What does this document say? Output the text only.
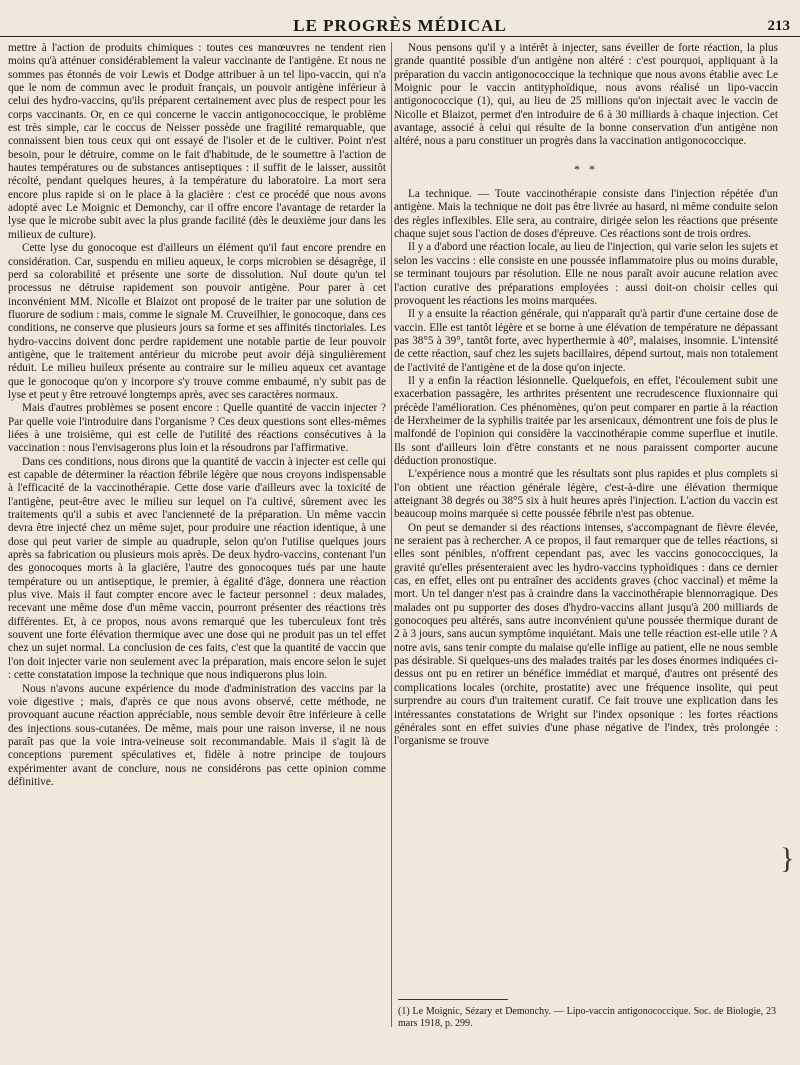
LE PROGRÈS MÉDICAL	213

mettre à l'action de produits chimiques : toutes ces manœuvres ne tendent rien moins qu'à atténuer considérablement la valeur vaccinante de l'antigène. Et nous ne sommes pas étonnés de voir Lewis et Dodge attribuer à un tel lipo-vaccin, qui n'a que le nom de commun avec le produit français, un pouvoir antigène inférieur à celui des hydro-vaccins, qu'ils préparent certainement avec plus de respect pour les corps vaccinants. Or, en ce qui concerne le vaccin antigonococcique, le problème est très simple, car le coccus de Neisser possède une fragilité remarquable, que connaissent bien tous ceux qui ont essayé de l'isoler et de le cultiver. Point n'est besoin, pour le détruire, comme on le fait d'habitude, de le soumettre à l'action de hautes températures ou de substances antiseptiques : il suffit de le laisser, aussitôt récolté, pendant quelques heures, à la température du laboratoire. La mort sera encore plus rapide si on le place à la glacière : c'est ce procédé que nous avons adopté avec Le Moignic et Demonchy, car il offre encore l'avantage de retarder la lyse que le microbe subit avec la plus grande facilité (dès le deuxième jour dans les milieux de culture).

Cette lyse du gonocoque est d'ailleurs un élément qu'il faut encore prendre en considération. Car, suspendu en milieu aqueux, le corps microbien se désagrège, il perd sa colorabilité et présente une sorte de dissolution. Nul doute qu'un tel processus ne détruise rapidement son pouvoir antigène. Pour parer à cet inconvénient MM. Nicolle et Blaizot ont proposé de le traiter par une solution de fluorure de sodium : mais, comme le signale M. Cruveilhier, le gonocoque, dans ces conditions, ne conserve que plusieurs jours sa forme et ses affinités tinctoriales. Les hydro-vaccins doivent donc perdre rapidement une notable partie de leur pouvoir antigène, que le traitement antérieur du microbe peut avoir déjà singulièrement réduit. Le milieu huileux présente au contraire sur le milieu aqueux cet avantage que le gonocoque qu'on y incorpore s'y trouve comme embaumé, n'y subit pas de lyse et peut y être retrouvé longtemps après, avec ses caractères normaux.

Mais d'autres problèmes se posent encore : Quelle quantité de vaccin injecter ? Par quelle voie l'introduire dans l'organisme ? Ces deux questions sont elles-mêmes liées à une troisième, qui est celle de l'utilité des réactions consécutives à la vaccination : nous l'envisagerons plus loin et la résoudrons par l'affirmative.

Dans ces conditions, nous dirons que la quantité de vaccin à injecter est celle qui est capable de déterminer la réaction fébrile légère que nous croyons indispensable à l'efficacité de la vaccinothérapie. Cette dose varie d'ailleurs avec la toxicité de l'antigène, peut-être avec le milieu sur lequel on l'a cultivé, sûrement avec les traitements qu'il a subis et avec l'ancienneté de la préparation. Un même vaccin devra être injecté chez un même sujet, pour produire une réaction identique, à une dose qui peut varier de simple au quadruple, selon qu'on l'utilise quelques jours après sa fabrication ou plusieurs mois après. De deux hydro-vaccins, contenant l'un des gonocoques morts à la glacière, l'autre des gonocoques tués par une haute température ou un antiseptique, le premier, à égalité d'âge, donnera une réaction plus vive. Mais il faut compter encore avec le facteur personnel : deux malades, recevant une même dose d'un même vaccin, pourront présenter des réactions très différentes. Et, à ce propos, nous avons remarqué que les tuberculeux font très souvent une forte élévation thermique avec une dose qui ne produit pas un tel effet chez un sujet normal. La conclusion de ces faits, c'est que la quantité de vaccin que l'on doit injecter varie non seulement avec la préparation, mais encore selon le sujet : cette constatation impose la technique que nous indiquerons plus loin.

Nous n'avons aucune expérience du mode d'administration des vaccins par la voie digestive ; mais, d'après ce que nous avons observé, cette méthode, ne provoquant aucune réaction appréciable, nous semble devoir être inférieure à celle des injections sous-cutanées. De même, mais pour une raison inverse, il ne nous paraît pas que la voie intra-veineuse soit recommandable. Mais il s'agit là de conceptions purement spéculatives et, fidèle à notre principe de toujours expérimenter avant de conclure, nous ne considérons pas cette opinion comme définitive.

Nous pensons qu'il y a intérêt à injecter, sans éveiller de forte réaction, la plus grande quantité possible d'un antigène non altéré : c'est pourquoi, appliquant à la préparation du vaccin antigonococcique la technique que nous avons établie avec Le Moignic pour le vaccin antityphoïdique, nous avons réalisé un lipo-vaccin antigonococcique (1), qui, au lieu de 25 millions qu'on injectait avec le vaccin de Nicolle et Blaizot, permet d'en introduire de 6 à 30 milliards à chaque injection. Cet avantage, associé à celui qui résulte de la bonne conservation d'un antigène non altéré, nous a paru constituer un progrès dans la vaccination antigonococcique.

* *

La technique. — Toute vaccinothérapie consiste dans l'injection répétée d'un antigène. Mais la technique ne doit pas être livrée au hasard, ni même conduite selon des règles inflexibles. Elle sera, au contraire, dirigée selon les réactions que présente chaque sujet sous l'action de doses d'épreuve. Ces réactions sont de trois ordres.

Il y a d'abord une réaction locale, au lieu de l'injection, qui varie selon les sujets et selon les vaccins : elle consiste en une poussée inflammatoire plus ou moins durable, se terminant toujours par résolution. Elle ne nous paraît avoir aucune relation avec l'action curative des préparations employées : aussi doit-on choisir celles qui provoquent les réactions les moins marquées.

Il y a ensuite la réaction générale, qui n'apparaît qu'à partir d'une certaine dose de vaccin. Elle est tantôt légère et se borne à une élévation de température ne dépassant pas 38°5 à 39°, tantôt forte, avec hyperthermie à 40°, malaises, insomnie. L'intensité de cette réaction, sauf chez les sujets bacillaires, dépend surtout, mais non totalement de l'activité de l'antigène et de la dose qu'on injecte.

Il y a enfin la réaction lésionnelle. Quelquefois, en effet, l'écoulement subit une exacerbation passagère, les arthrites présentent une recrudescence fluxionnaire qui précède l'amélioration. Ces phénomènes, qu'on peut comparer en partie à la réaction de Herxheimer de la syphilis traitée par les arsenicaux, démontrent une fois de plus le malfondé de l'opinion qui considère la vaccinothérapie comme superflue et inutile. Ils sont d'ailleurs loin d'être constants et ne nous paraissent comporter aucune déduction pronostique.

L'expérience nous a montré que les résultats sont plus rapides et plus complets si l'on obtient une réaction générale légère, c'est-à-dire une élévation thermique atteignant 38 degrés ou 38°5 six à huit heures après l'injection. L'action du vaccin est beaucoup moins marquée si cette poussée fébrile n'est pas obtenue.

On peut se demander si des réactions intenses, s'accompagnant de fièvre élevée, ne seraient pas à rechercher. A ce propos, il faut remarquer que de telles réactions, si elles sont pénibles, n'offrent cependant pas, avec les vaccins gonococciques, la gravité qu'elles présenteraient avec les hydro-vaccins typhoïdiques : dans ce dernier cas, en effet, elles ont pu entraîner des accidents graves (choc vaccinal) et même la mort. Un tel danger n'est pas à craindre dans la vaccinothérapie blennorragique. Des malades ont pu supporter des doses d'hydro-vaccins allant jusqu'à 200 milliards de gonocoques peu altérés, sans autre inconvénient qu'une poussée thermique durant de 2 à 3 jours, sans aucun symptôme inquiétant. Mais une telle réaction est-elle utile ? A notre avis, sans tenir compte du malaise qu'elle inflige au patient, elle ne nous semble pas désirable. Si quelques-uns des malades traités par les doses énormes indiquées ci-dessus ont pu en retirer un bénéfice immédiat et marqué, d'autres ont présenté des complications locales (orchite, prostatite) avec une fréquence insolite, qui peut surprendre au cours d'un traitement curatif. Ce fait trouve une explication dans les intéressantes constatations de Wright sur l'index opsonique : les fortes réactions générales sont en effet suivies d'une phase négative de l'index, très prolongée : l'organisme se trouve

}
(1) Le Moignic, Sézary et Demonchy. — Lipo-vaccin antigonococcique. Soc. de Biologie, 23 mars 1918, p. 299.
